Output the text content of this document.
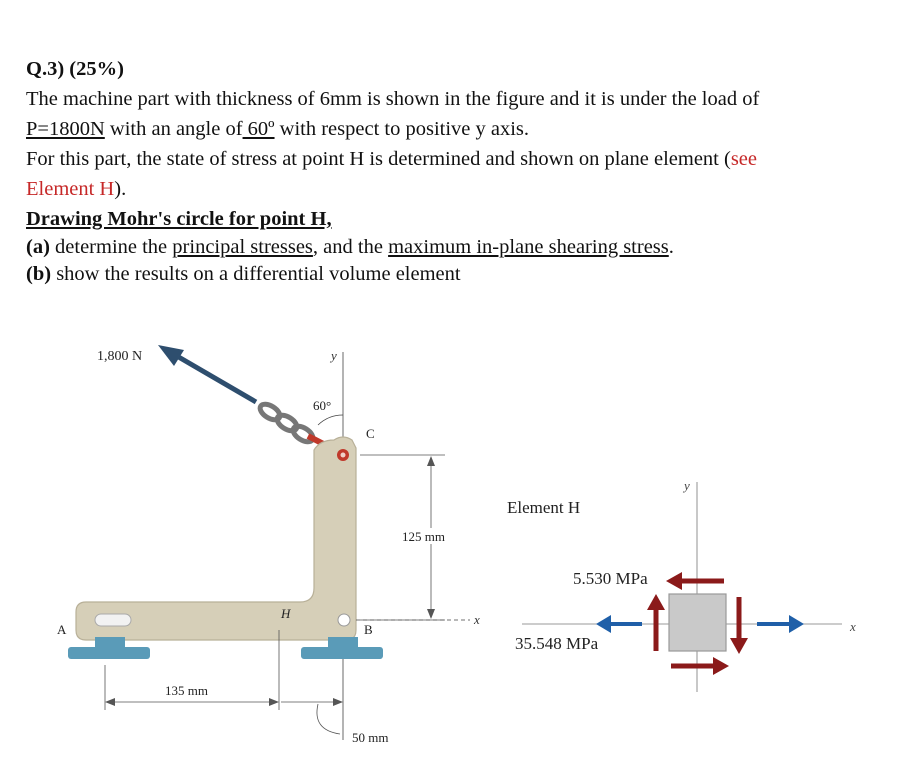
Q.3) (25%)
The machine part with thickness of 6mm is shown in the figure and it is under the load of
P=1800N with an angle of 60º with respect to positive y axis.
For this part, the state of stress at point H is determined and shown on plane element (see
Element H).
Drawing Mohr's circle for point H,
(a) determine the principal stresses, and the maximum in-plane shearing stress.
(b) show the results on a differential volume element
1,800 N	y
60°
C
H
B
A
x
125 mm
135 mm
50 mm
Element H
y
x
5.530 MPa
35.548 MPa
